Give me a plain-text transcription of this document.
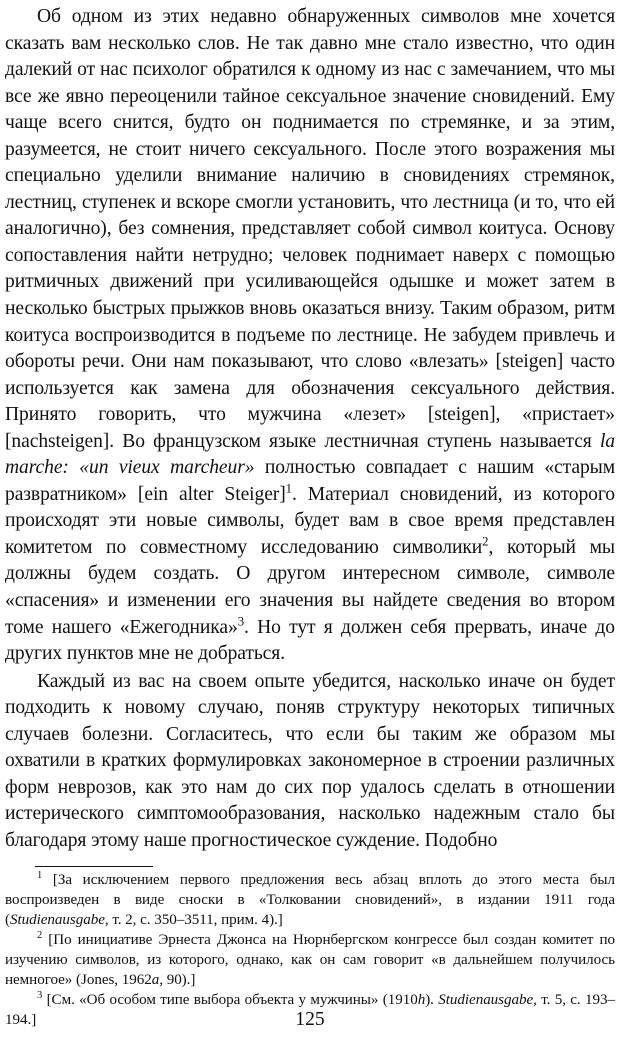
Об одном из этих недавно обнаруженных символов мне хочется сказать вам несколько слов. Не так давно мне стало известно, что один далекий от нас психолог обратился к одному из нас с замечанием, что мы все же явно переоценили тайное сексуальное значение сновидений. Ему чаще всего снится, будто он поднимается по стремянке, и за этим, разумеется, не стоит ничего сексуального. После этого возражения мы специально уделили внимание наличию в сновидениях стремянок, лестниц, ступенек и вскоре смогли установить, что лестница (и то, что ей аналогично), без сомнения, представляет собой символ коитуса. Основу сопоставления найти нетрудно; человек поднимает наверх с помощью ритмичных движений при усиливающейся одышке и может затем в несколько быстрых прыжков вновь оказаться внизу. Таким образом, ритм коитуса воспроизводится в подъеме по лестнице. Не забудем привлечь и обороты речи. Они нам показывают, что слово «влезать» [steigen] часто используется как замена для обозначения сексуального действия. Принято говорить, что мужчина «лезет» [steigen], «пристает» [nachsteigen]. Во французском языке лестничная ступень называется la marche: «un vieux marcheur» полностью совпадает с нашим «старым развратником» [ein alter Steiger]$^1$. Материал сновидений, из которого происходят эти новые символы, будет вам в свое время представлен комитетом по совместному исследованию символики$^2$, который мы должны будем создать. О другом интересном символе, символе «спасения» и изменении его значения вы найдете сведения во втором томе нашего «Ежегодника»$^3$. Но тут я должен себя прервать, иначе до других пунктов мне не добраться.

Каждый из вас на своем опыте убедится, насколько иначе он будет подходить к новому случаю, поняв структуру некоторых типичных случаев болезни. Согласитесь, что если бы таким же образом мы охватили в кратких формулировках закономерное в строении различных форм неврозов, как это нам до сих пор удалось сделать в отношении истерического симптомообразования, насколько надежным стало бы благодаря этому наше прогностическое суждение. Подобно

$^1$ [За исключением первого предложения весь абзац вплоть до этого места был воспроизведен в виде сноски в «Толковании сновидений», в издании 1911 года (Studienausgabe, т. 2, с. 350–3511, прим. 4).]

$^2$ [По инициативе Эрнеста Джонса на Нюрнбергском конгрессе был создан комитет по изучению символов, из которого, однако, как он сам говорит «в дальнейшем получилось немногое» (Jones, 1962a, 90).]

$^3$ [См. «Об особом типе выбора объекта у мужчины» (1910h). Studienausgabe, т. 5, с. 193–194.]	125
